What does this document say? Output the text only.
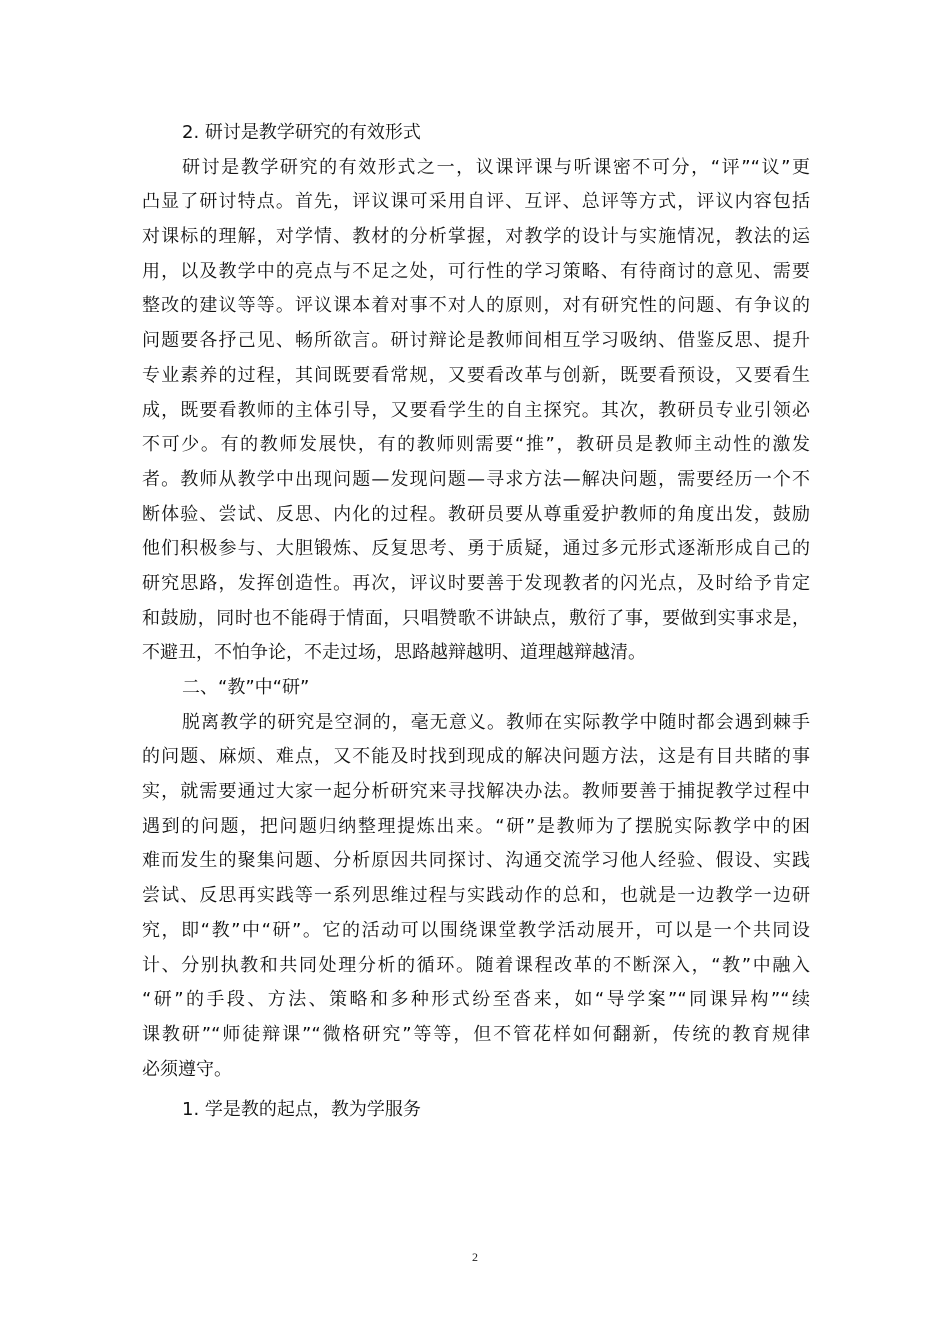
2. 研讨是教学研究的有效形式
研讨是教学研究的有效形式之一，议课评课与听课密不可分，“评”“议”更
凸显了研讨特点。首先，评议课可采用自评、互评、总评等方式，评议内容包括
对课标的理解，对学情、教材的分析掌握，对教学的设计与实施情况，教法的运
用，以及教学中的亮点与不足之处，可行性的学习策略、有待商讨的意见、需要
整改的建议等等。评议课本着对事不对人的原则，对有研究性的问题、有争议的
问题要各抒己见、畅所欲言。研讨辩论是教师间相互学习吸纳、借鉴反思、提升
专业素养的过程，其间既要看常规，又要看改革与创新，既要看预设，又要看生
成，既要看教师的主体引导，又要看学生的自主探究。其次，教研员专业引领必
不可少。有的教师发展快，有的教师则需要“推”，教研员是教师主动性的激发
者。教师从教学中出现问题—发现问题—寻求方法—解决问题，需要经历一个不
断体验、尝试、反思、内化的过程。教研员要从尊重爱护教师的角度出发，鼓励
他们积极参与、大胆锻炼、反复思考、勇于质疑，通过多元形式逐渐形成自己的
研究思路，发挥创造性。再次，评议时要善于发现教者的闪光点，及时给予肯定
和鼓励，同时也不能碍于情面，只唱赞歌不讲缺点，敷衍了事，要做到实事求是，
不避丑，不怕争论，不走过场，思路越辩越明、道理越辩越清。
二、“教”中“研”
脱离教学的研究是空洞的，毫无意义。教师在实际教学中随时都会遇到棘手
的问题、麻烦、难点，又不能及时找到现成的解决问题方法，这是有目共睹的事
实，就需要通过大家一起分析研究来寻找解决办法。教师要善于捕捉教学过程中
遇到的问题，把问题归纳整理提炼出来。“研”是教师为了摆脱实际教学中的困
难而发生的聚集问题、分析原因共同探讨、沟通交流学习他人经验、假设、实践
尝试、反思再实践等一系列思维过程与实践动作的总和，也就是一边教学一边研
究，即“教”中“研”。它的活动可以围绕课堂教学活动展开，可以是一个共同设
计、分别执教和共同处理分析的循环。随着课程改革的不断深入，“教”中融入
“研”的手段、方法、策略和多种形式纷至沓来，如“导学案”“同课异构”“续
课教研”“师徒辩课”“微格研究”等等，但不管花样如何翻新，传统的教育规律
必须遵守。
1. 学是教的起点，教为学服务
2
